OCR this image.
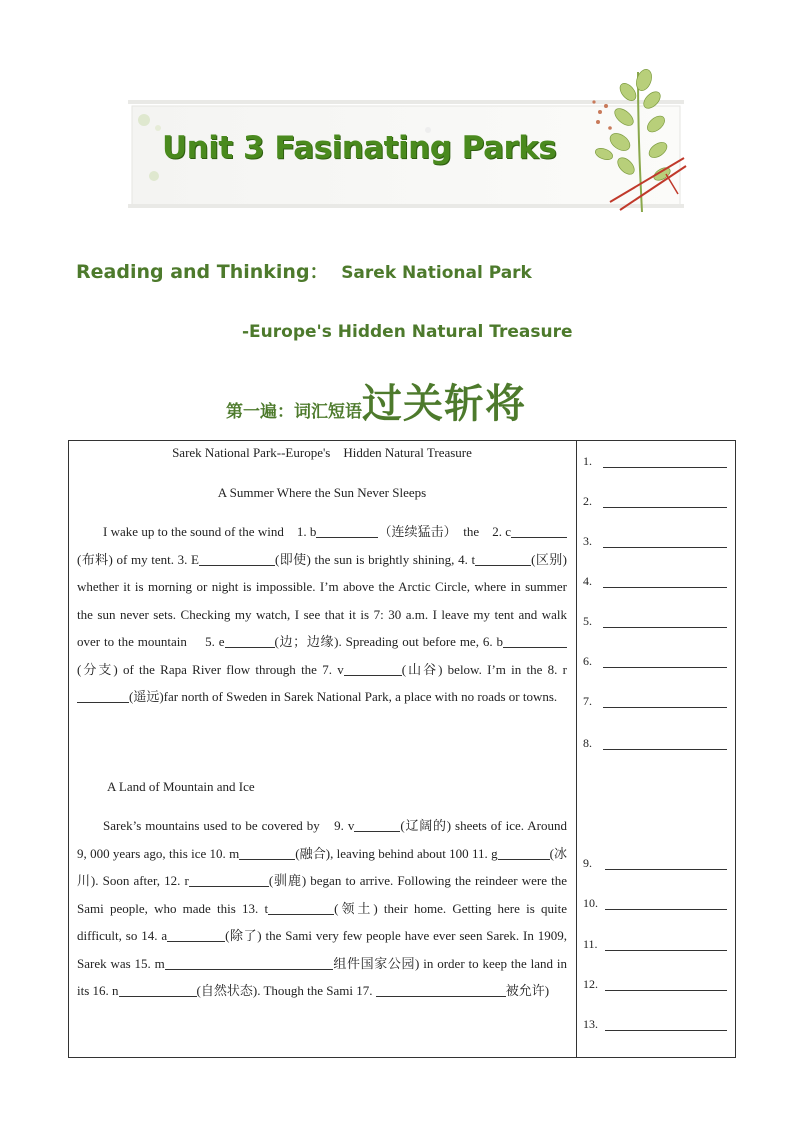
Unit 3 Fasinating Parks
Reading and Thinking： Sarek National Park
-Europe's Hidden Natural Treasure
第一遍：词汇短语过关斩将
Sarek National Park--Europe's　Hidden Natural Treasure
A Summer Where the Sun Never Sleeps

I wake up to the sound of the wind　1. b	（连续猛击）　the　2. c(布料) of my tent. 3. E	(即使) the sun is brightly shining, 4. t	(区别) whether it is morning or night is impossible. I’m above the Arctic Circle, where in summer the sun never sets. Checking my watch, I see that it is 7: 30 a.m. I leave my tent and walk over to the mountain　 5. e	(边；边缘). Spreading out before me, 6. b(分支) of the Rapa River flow through the 7. v	(山谷) below. I’m in the 8. r(遥远)far north of Sweden in Sarek National Park, a place with no roads or towns.

A Land of Mountain and Ice

Sarek’s mountains used to be covered by　9. v	(辽阔的) sheets of ice. Around 9, 000 years ago, this ice 10. m	(融合), leaving behind about 100 11. g	(冰川). Soon after, 12. r	(驯鹿) began to arrive. Following the reindeer were the Sami people, who made this 13. t	(领土) their home. Getting here is quite difficult, so 14. a	(除了) the Sami very few people have ever seen Sarek. In 1909, Sarek was 15. m	组件国家公园) in order to keep the land in its 16. n	(自然状态). Though the Sami 17.	被允许)

1.
2.
3.
4.
5.
6.
7.
8.
9.
10.
11.
12.
13.
